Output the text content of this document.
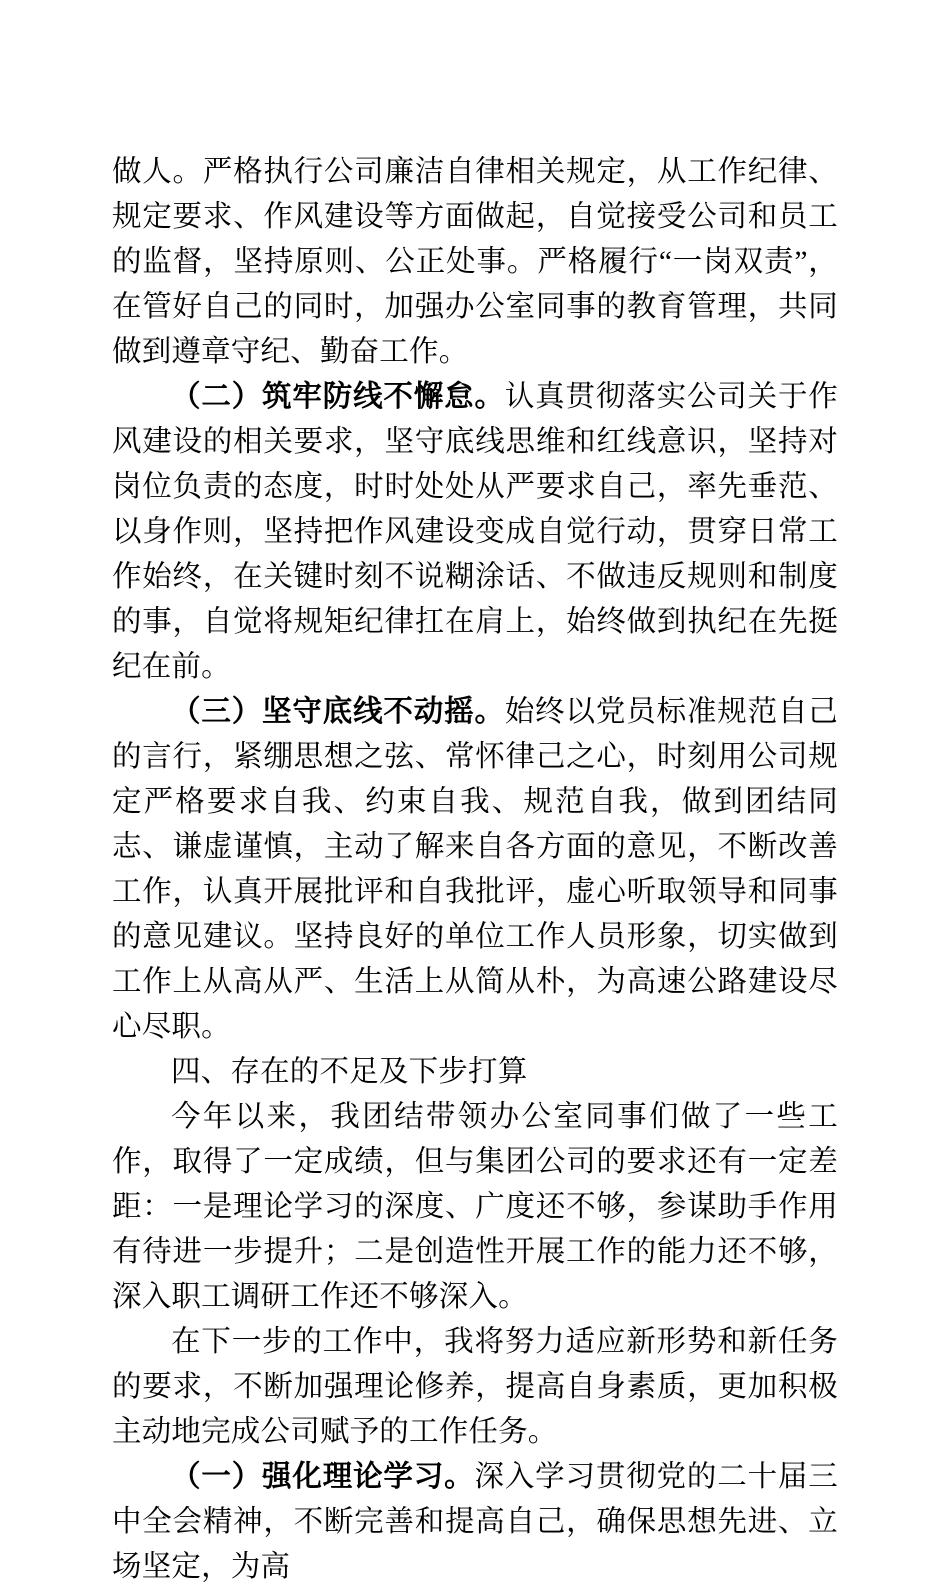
做人。严格执行公司廉洁自律相关规定，从工作纪律、规定要求、作风建设等方面做起，自觉接受公司和员工的监督，坚持原则、公正处事。严格履行“一岗双责”，在管好自己的同时，加强办公室同事的教育管理，共同做到遵章守纪、勤奋工作。

（二）筑牢防线不懈怠。认真贯彻落实公司关于作风建设的相关要求，坚守底线思维和红线意识，坚持对岗位负责的态度，时时处处从严要求自己，率先垂范、以身作则，坚持把作风建设变成自觉行动，贯穿日常工作始终，在关键时刻不说糊涂话、不做违反规则和制度的事，自觉将规矩纪律扛在肩上，始终做到执纪在先挺纪在前。

（三）坚守底线不动摇。始终以党员标准规范自己的言行，紧绷思想之弦、常怀律己之心，时刻用公司规定严格要求自我、约束自我、规范自我，做到团结同志、谦虚谨慎，主动了解来自各方面的意见，不断改善工作，认真开展批评和自我批评，虚心听取领导和同事的意见建议。坚持良好的单位工作人员形象，切实做到工作上从高从严、生活上从简从朴，为高速公路建设尽心尽职。

四、存在的不足及下步打算

今年以来，我团结带领办公室同事们做了一些工作，取得了一定成绩，但与集团公司的要求还有一定差距：一是理论学习的深度、广度还不够，参谋助手作用有待进一步提升；二是创造性开展工作的能力还不够，深入职工调研工作还不够深入。

在下一步的工作中，我将努力适应新形势和新任务的要求，不断加强理论修养，提高自身素质，更加积极主动地完成公司赋予的工作任务。

（一）强化理论学习。深入学习贯彻党的二十届三中全会精神，不断完善和提高自己，确保思想先进、立场坚定，为高
